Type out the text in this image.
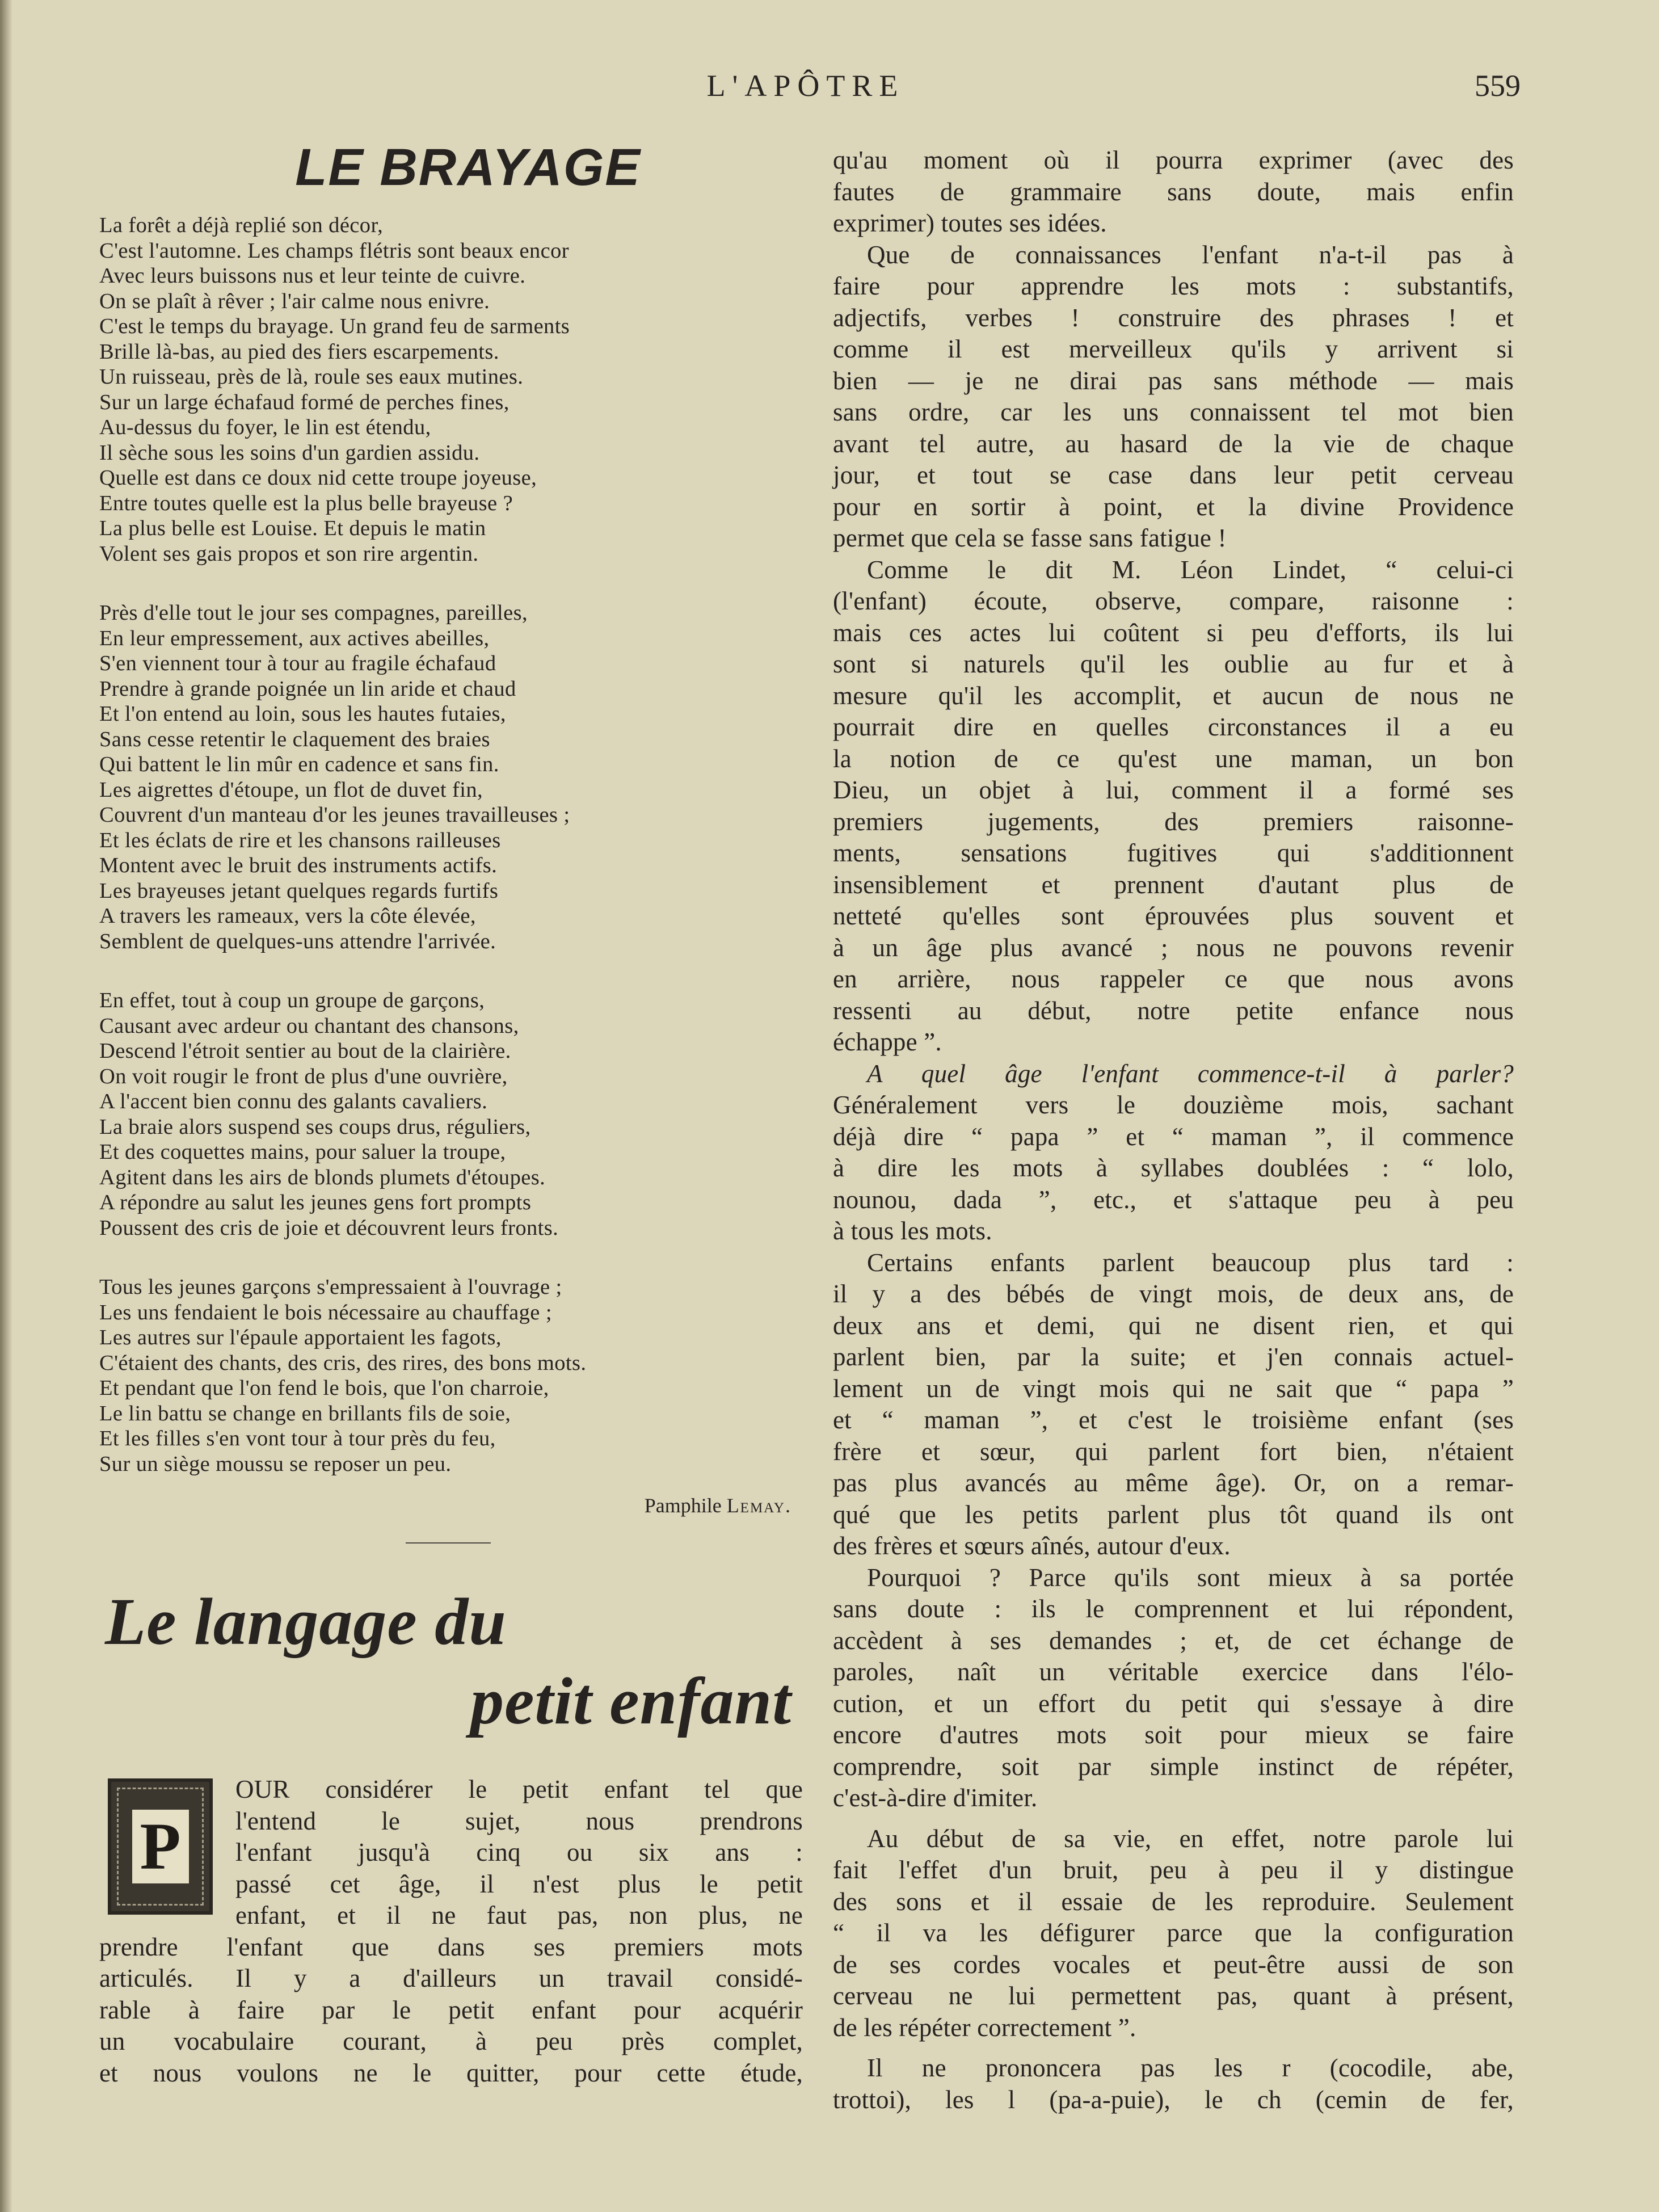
L'APÔTRE	559
LE BRAYAGE
La forêt a déjà replié son décor,
C'est l'automne. Les champs flétris sont beaux encor
Avec leurs buissons nus et leur teinte de cuivre.
On se plaît à rêver ; l'air calme nous enivre.
C'est le temps du brayage. Un grand feu de sarments
Brille là-bas, au pied des fiers escarpements.
Un ruisseau, près de là, roule ses eaux mutines.
Sur un large échafaud formé de perches fines,
Au-dessus du foyer, le lin est étendu,
Il sèche sous les soins d'un gardien assidu.
Quelle est dans ce doux nid cette troupe joyeuse,
Entre toutes quelle est la plus belle brayeuse ?
La plus belle est Louise. Et depuis le matin
Volent ses gais propos et son rire argentin.
Près d'elle tout le jour ses compagnes, pareilles,
En leur empressement, aux actives abeilles,
S'en viennent tour à tour au fragile échafaud
Prendre à grande poignée un lin aride et chaud
Et l'on entend au loin, sous les hautes futaies,
Sans cesse retentir le claquement des braies
Qui battent le lin mûr en cadence et sans fin.
Les aigrettes d'étoupe, un flot de duvet fin,
Couvrent d'un manteau d'or les jeunes travailleuses ;
Et les éclats de rire et les chansons railleuses
Montent avec le bruit des instruments actifs.
Les brayeuses jetant quelques regards furtifs
A travers les rameaux, vers la côte élevée,
Semblent de quelques-uns attendre l'arrivée.
En effet, tout à coup un groupe de garçons,
Causant avec ardeur ou chantant des chansons,
Descend l'étroit sentier au bout de la clairière.
On voit rougir le front de plus d'une ouvrière,
A l'accent bien connu des galants cavaliers.
La braie alors suspend ses coups drus, réguliers,
Et des coquettes mains, pour saluer la troupe,
Agitent dans les airs de blonds plumets d'étoupes.
A répondre au salut les jeunes gens fort prompts
Poussent des cris de joie et découvrent leurs fronts.
Tous les jeunes garçons s'empressaient à l'ouvrage ;
Les uns fendaient le bois nécessaire au chauffage ;
Les autres sur l'épaule apportaient les fagots,
C'étaient des chants, des cris, des rires, des bons mots.
Et pendant que l'on fend le bois, que l'on charroie,
Le lin battu se change en brillants fils de soie,
Et les filles s'en vont tour à tour près du feu,
Sur un siège moussu se reposer un peu.
Pamphile Lemay.
Le langage du
petit enfant
P
OUR considérer le petit enfant tel que
l'entend le sujet, nous prendrons
l'enfant jusqu'à cinq ou six ans :
passé cet âge, il n'est plus le petit
enfant, et il ne faut pas, non plus, ne
prendre l'enfant que dans ses premiers mots
articulés. Il y a d'ailleurs un travail considé-
rable à faire par le petit enfant pour acquérir
un vocabulaire courant, à peu près complet,
et nous voulons ne le quitter, pour cette étude,
qu'au moment où il pourra exprimer (avec des
fautes de grammaire sans doute, mais enfin
exprimer) toutes ses idées.
Que de connaissances l'enfant n'a-t-il pas à
faire pour apprendre les mots : substantifs,
adjectifs, verbes ! construire des phrases ! et
comme il est merveilleux qu'ils y arrivent si
bien — je ne dirai pas sans méthode — mais
sans ordre, car les uns connaissent tel mot bien
avant tel autre, au hasard de la vie de chaque
jour, et tout se case dans leur petit cerveau
pour en sortir à point, et la divine Providence
permet que cela se fasse sans fatigue !
Comme le dit M. Léon Lindet, “ celui-ci
(l'enfant) écoute, observe, compare, raisonne :
mais ces actes lui coûtent si peu d'efforts, ils lui
sont si naturels qu'il les oublie au fur et à
mesure qu'il les accomplit, et aucun de nous ne
pourrait dire en quelles circonstances il a eu
la notion de ce qu'est une maman, un bon
Dieu, un objet à lui, comment il a formé ses
premiers jugements, des premiers raisonne-
ments, sensations fugitives qui s'additionnent
insensiblement et prennent d'autant plus de
netteté qu'elles sont éprouvées plus souvent et
à un âge plus avancé ; nous ne pouvons revenir
en arrière, nous rappeler ce que nous avons
ressenti au début, notre petite enfance nous
échappe ”.
A quel âge l'enfant commence-t-il à parler?
Généralement vers le douzième mois, sachant
déjà dire “ papa ” et “ maman ”, il commence
à dire les mots à syllabes doublées : “ lolo,
nounou, dada ”, etc., et s'attaque peu à peu
à tous les mots.
Certains enfants parlent beaucoup plus tard :
il y a des bébés de vingt mois, de deux ans, de
deux ans et demi, qui ne disent rien, et qui
parlent bien, par la suite; et j'en connais actuel-
lement un de vingt mois qui ne sait que “ papa ”
et “ maman ”, et c'est le troisième enfant (ses
frère et sœur, qui parlent fort bien, n'étaient
pas plus avancés au même âge). Or, on a remar-
qué que les petits parlent plus tôt quand ils ont
des frères et sœurs aînés, autour d'eux.
Pourquoi ? Parce qu'ils sont mieux à sa portée
sans doute : ils le comprennent et lui répondent,
accèdent à ses demandes ; et, de cet échange de
paroles, naît un véritable exercice dans l'élo-
cution, et un effort du petit qui s'essaye à dire
encore d'autres mots soit pour mieux se faire
comprendre, soit par simple instinct de répéter,
c'est-à-dire d'imiter.
Au début de sa vie, en effet, notre parole lui
fait l'effet d'un bruit, peu à peu il y distingue
des sons et il essaie de les reproduire. Seulement
“ il va les défigurer parce que la configuration
de ses cordes vocales et peut-être aussi de son
cerveau ne lui permettent pas, quant à présent,
de les répéter correctement ”.
Il ne prononcera pas les r (cocodile, abe,
trottoi), les l (pa-a-puie), le ch (cemin de fer,
